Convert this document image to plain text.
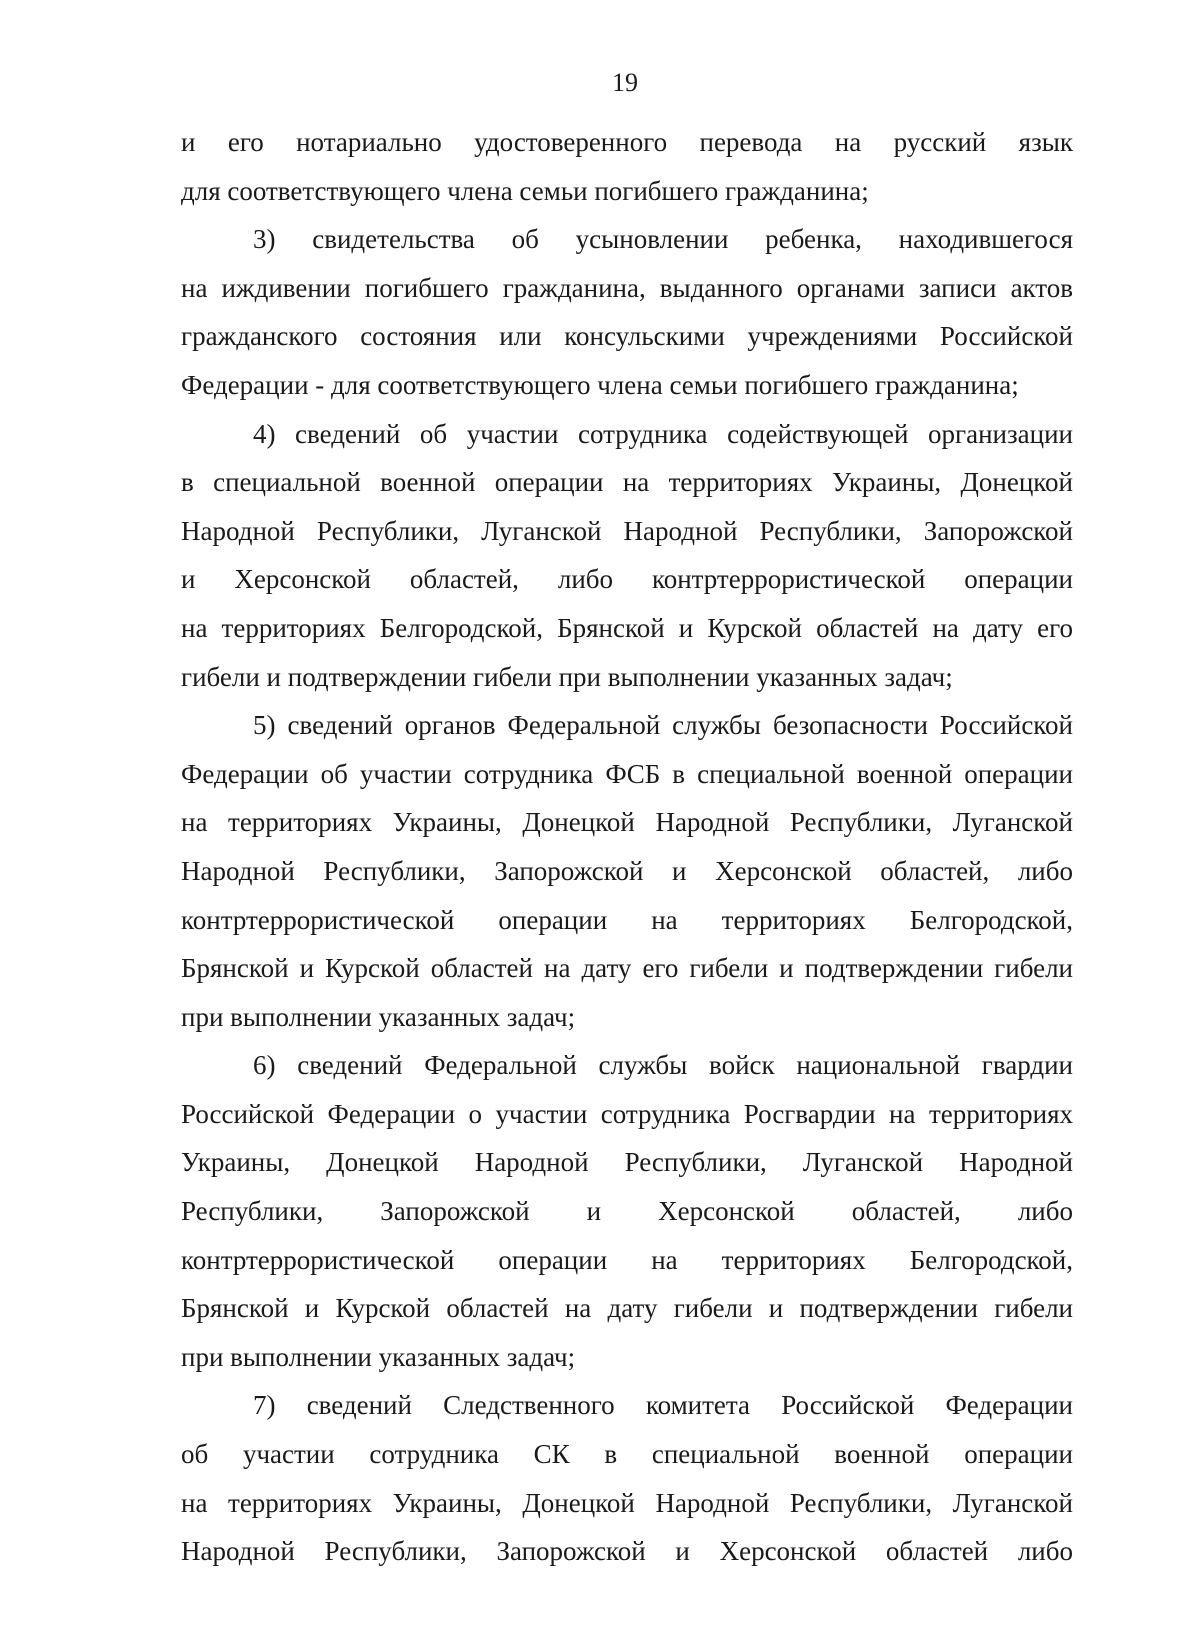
19
и его нотариально удостоверенного перевода на русский язык
для соответствующего члена семьи погибшего гражданина;
3) свидетельства об усыновлении ребенка, находившегося
на иждивении погибшего гражданина, выданного органами записи актов
гражданского состояния или консульскими учреждениями Российской
Федерации - для соответствующего члена семьи погибшего гражданина;
4) сведений об участии сотрудника содействующей организации
в специальной военной операции на территориях Украины, Донецкой
Народной Республики, Луганской Народной Республики, Запорожской
и Херсонской областей, либо контртеррористической операции
на территориях Белгородской, Брянской и Курской областей на дату его
гибели и подтверждении гибели при выполнении указанных задач;
5) сведений органов Федеральной службы безопасности Российской
Федерации об участии сотрудника ФСБ в специальной военной операции
на территориях Украины, Донецкой Народной Республики, Луганской
Народной Республики, Запорожской и Херсонской областей, либо
контртеррористической операции на территориях Белгородской,
Брянской и Курской областей на дату его гибели и подтверждении гибели
при выполнении указанных задач;
6) сведений Федеральной службы войск национальной гвардии
Российской Федерации о участии сотрудника Росгвардии на территориях
Украины, Донецкой Народной Республики, Луганской Народной
Республики, Запорожской и Херсонской областей, либо
контртеррористической операции на территориях Белгородской,
Брянской и Курской областей на дату гибели и подтверждении гибели
при выполнении указанных задач;
7) сведений Следственного комитета Российской Федерации
об участии сотрудника СК в специальной военной операции
на территориях Украины, Донецкой Народной Республики, Луганской
Народной Республики, Запорожской и Херсонской областей либо
